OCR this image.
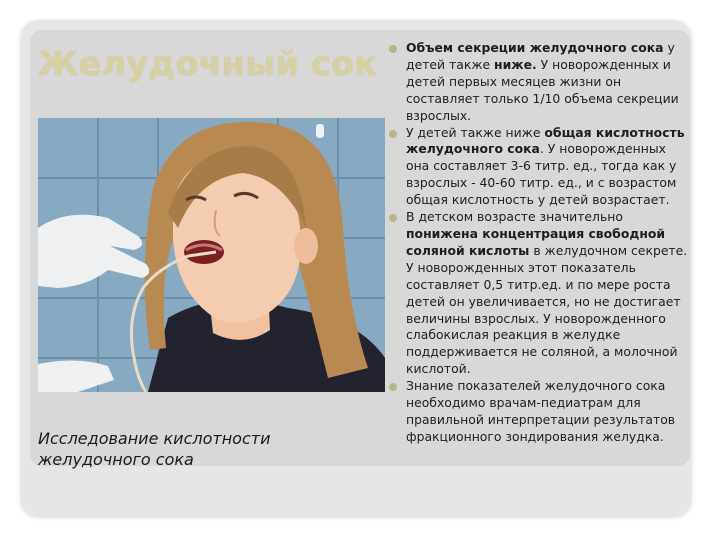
Желудочный сок
Исследование кислотности желудочного сока
Объем секреции желудочного сока у детей также ниже. У новорожденных и детей первых месяцев жизни он составляет только 1/10 объема секреции взрослых.
У детей также ниже общая кислотность желудочного сока. У новорожденных она составляет 3-6 титр. ед., тогда как у взрослых - 40-60 титр. ед., и с возрастом общая кислотность у детей возрастает.
В детском возрасте значительно понижена концентрация свободной соляной кислоты в желудочном секрете. У новорожденных этот показатель составляет 0,5 титр.ед. и по мере роста детей он увеличивается, но не достигает величины взрослых. У новорожденного слабокислая реакция в желудке поддерживается не соляной, а молочной кислотой.
Знание показателей желудочного сока необходимо врачам-педиатрам для правильной интерпретации результатов фракционного зондирования желудка.
